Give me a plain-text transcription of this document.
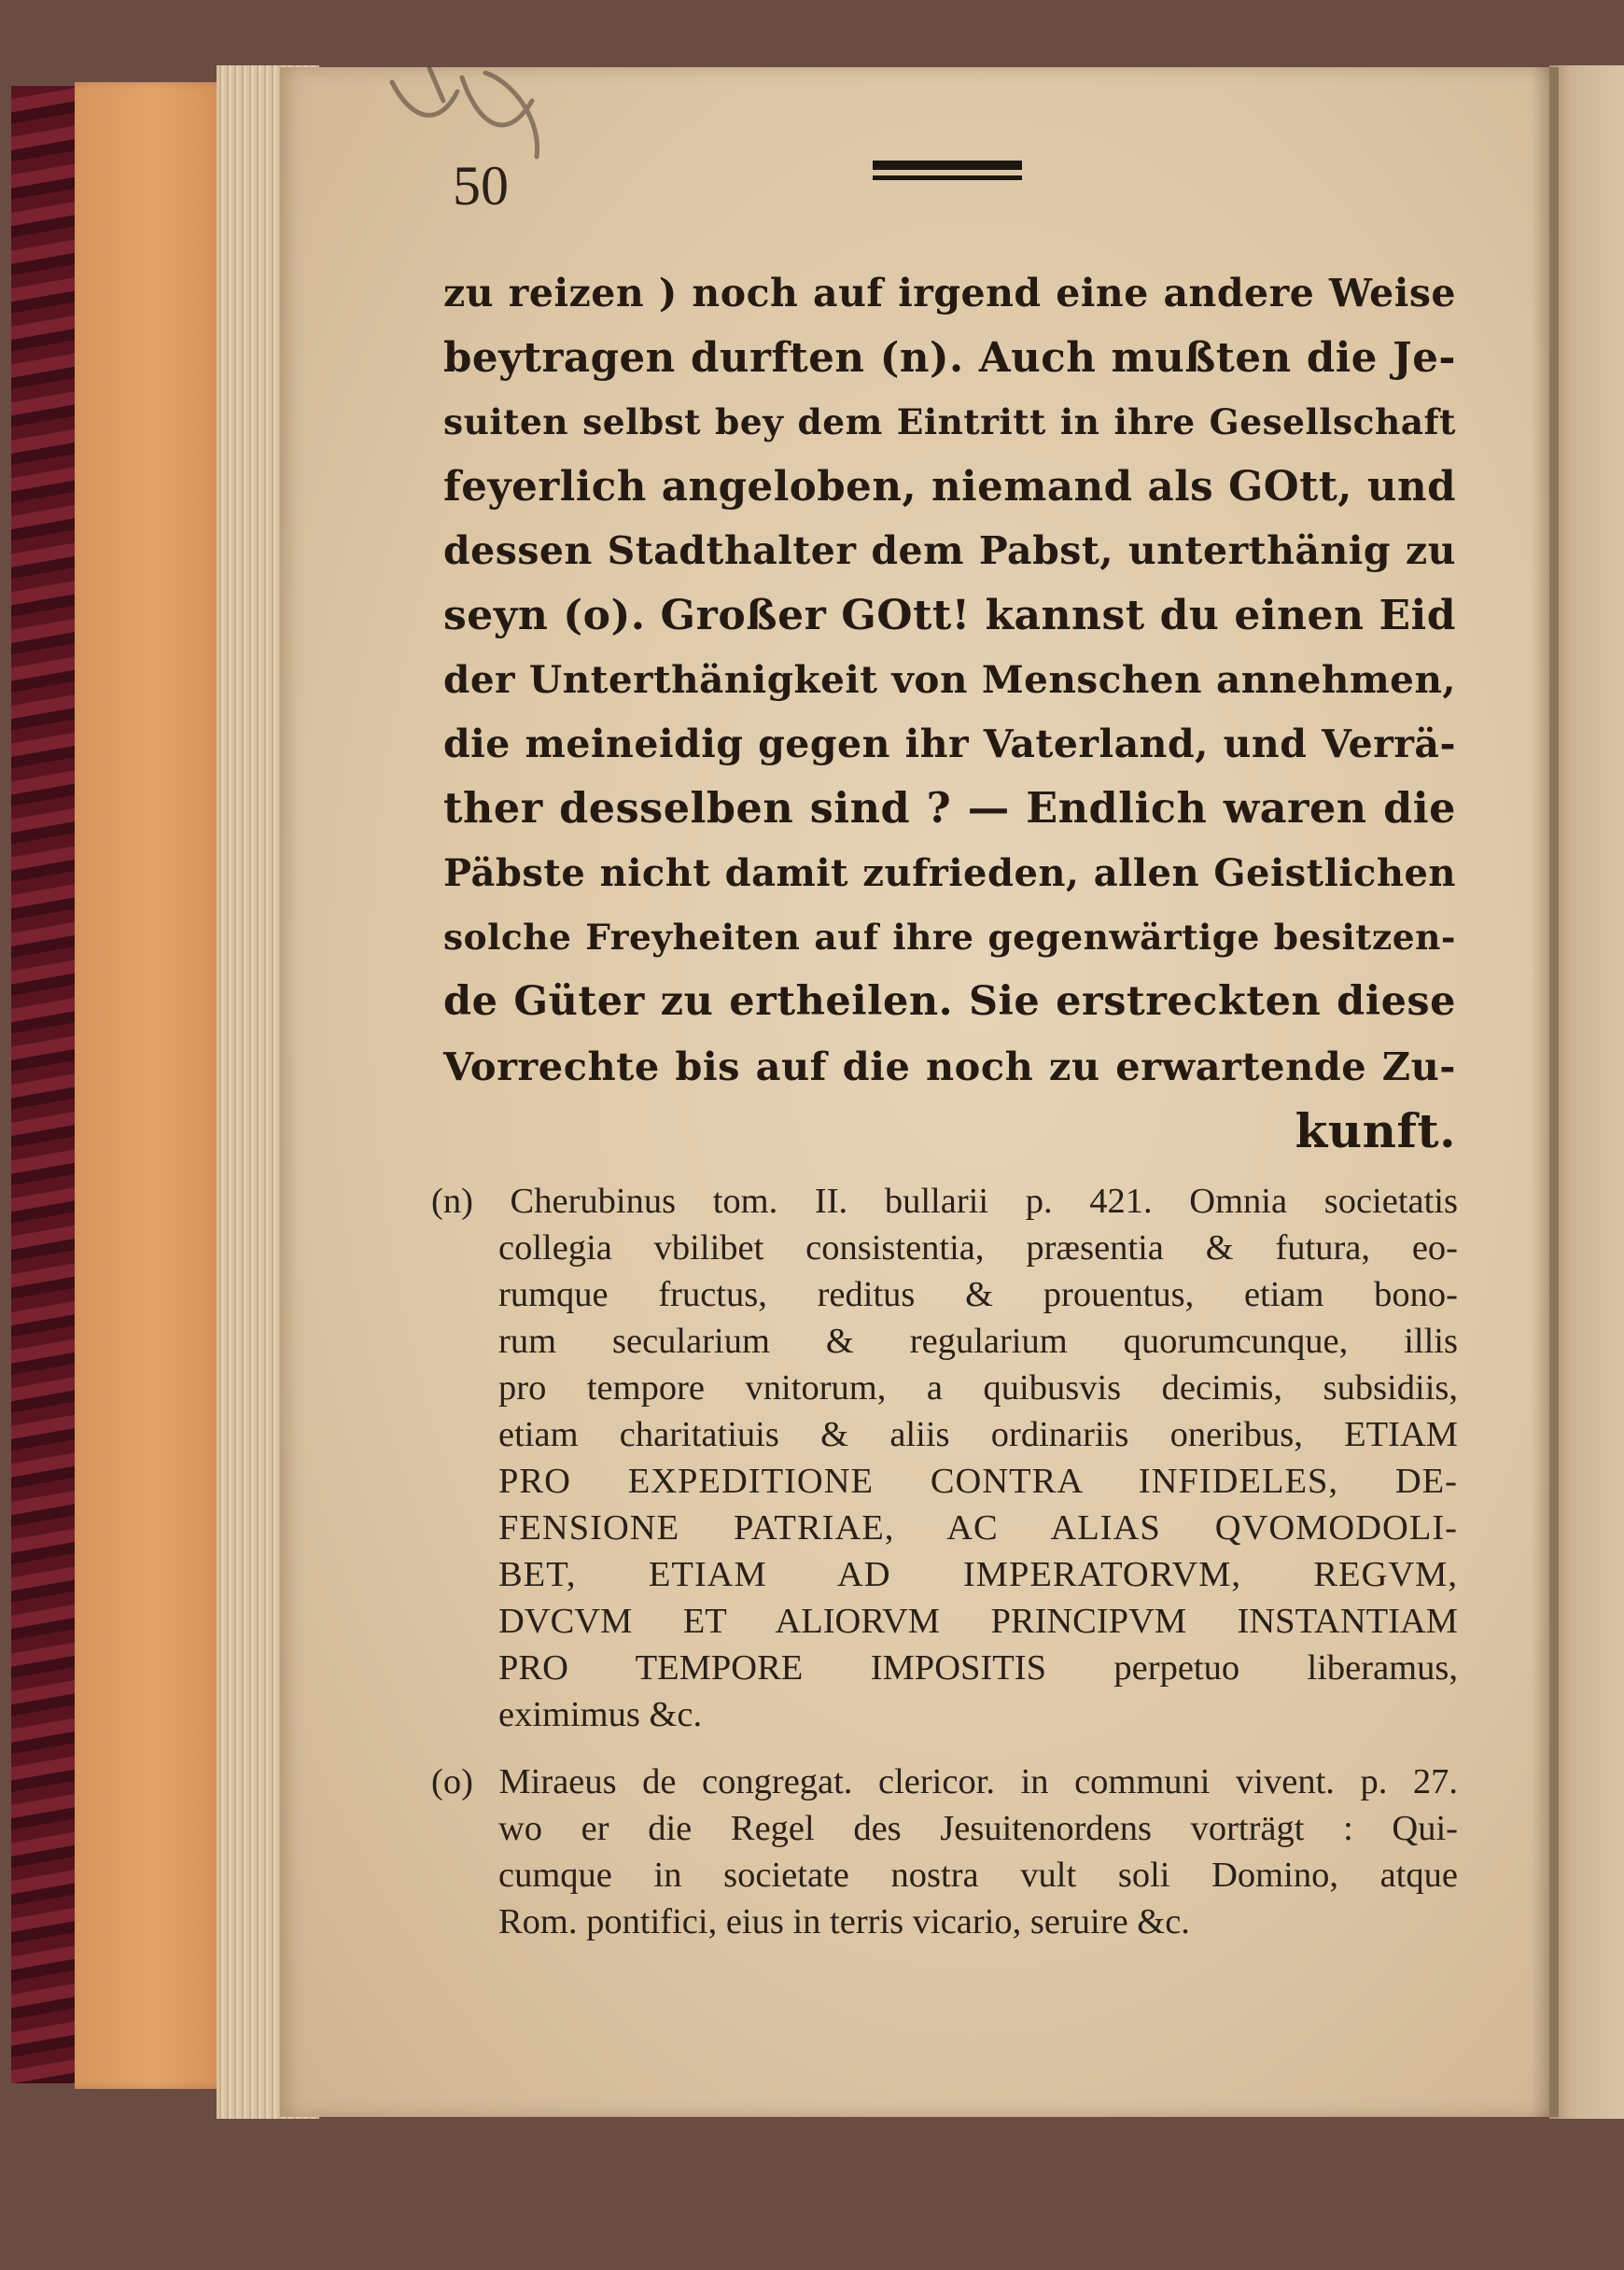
50
zu reizen ) noch auf irgend eine andere Weise
beytragen durften (n). Auch mußten die Je-
suiten selbst bey dem Eintritt in ihre Gesellschaft
feyerlich angeloben, niemand als GOtt, und
dessen Stadthalter dem Pabst, unterthänig zu
seyn (o). Großer GOtt! kannst du einen Eid
der Unterthänigkeit von Menschen annehmen,
die meineidig gegen ihr Vaterland, und Verrä-
ther desselben sind ? — Endlich waren die
Päbste nicht damit zufrieden, allen Geistlichen
solche Freyheiten auf ihre gegenwärtige besitzen-
de Güter zu ertheilen. Sie erstreckten diese
Vorrechte bis auf die noch zu erwartende Zu-
kunft.
(n) Cherubinus tom. II. bullarii p. 421. Omnia societatis
collegia vbilibet consistentia, præsentia & futura, eo-
rumque fructus, reditus & prouentus, etiam bono-
rum secularium & regularium quorumcunque, illis
pro tempore vnitorum, a quibusvis decimis, subsidiis,
etiam charitatiuis & aliis ordinariis oneribus, ETIAM
PRO EXPEDITIONE CONTRA INFIDELES, DE-
FENSIONE PATRIAE, AC ALIAS QVOMODOLI-
BET, ETIAM AD IMPERATORVM, REGVM,
DVCVM ET ALIORVM PRINCIPVM INSTANTIAM
PRO TEMPORE IMPOSITIS perpetuo liberamus,
eximimus &c.
(o) Miraeus de congregat. clericor. in communi vivent. p. 27.
wo er die Regel des Jesuitenordens vorträgt : Qui-
cumque in societate nostra vult soli Domino, atque
Rom. pontifici, eius in terris vicario, seruire &c.
